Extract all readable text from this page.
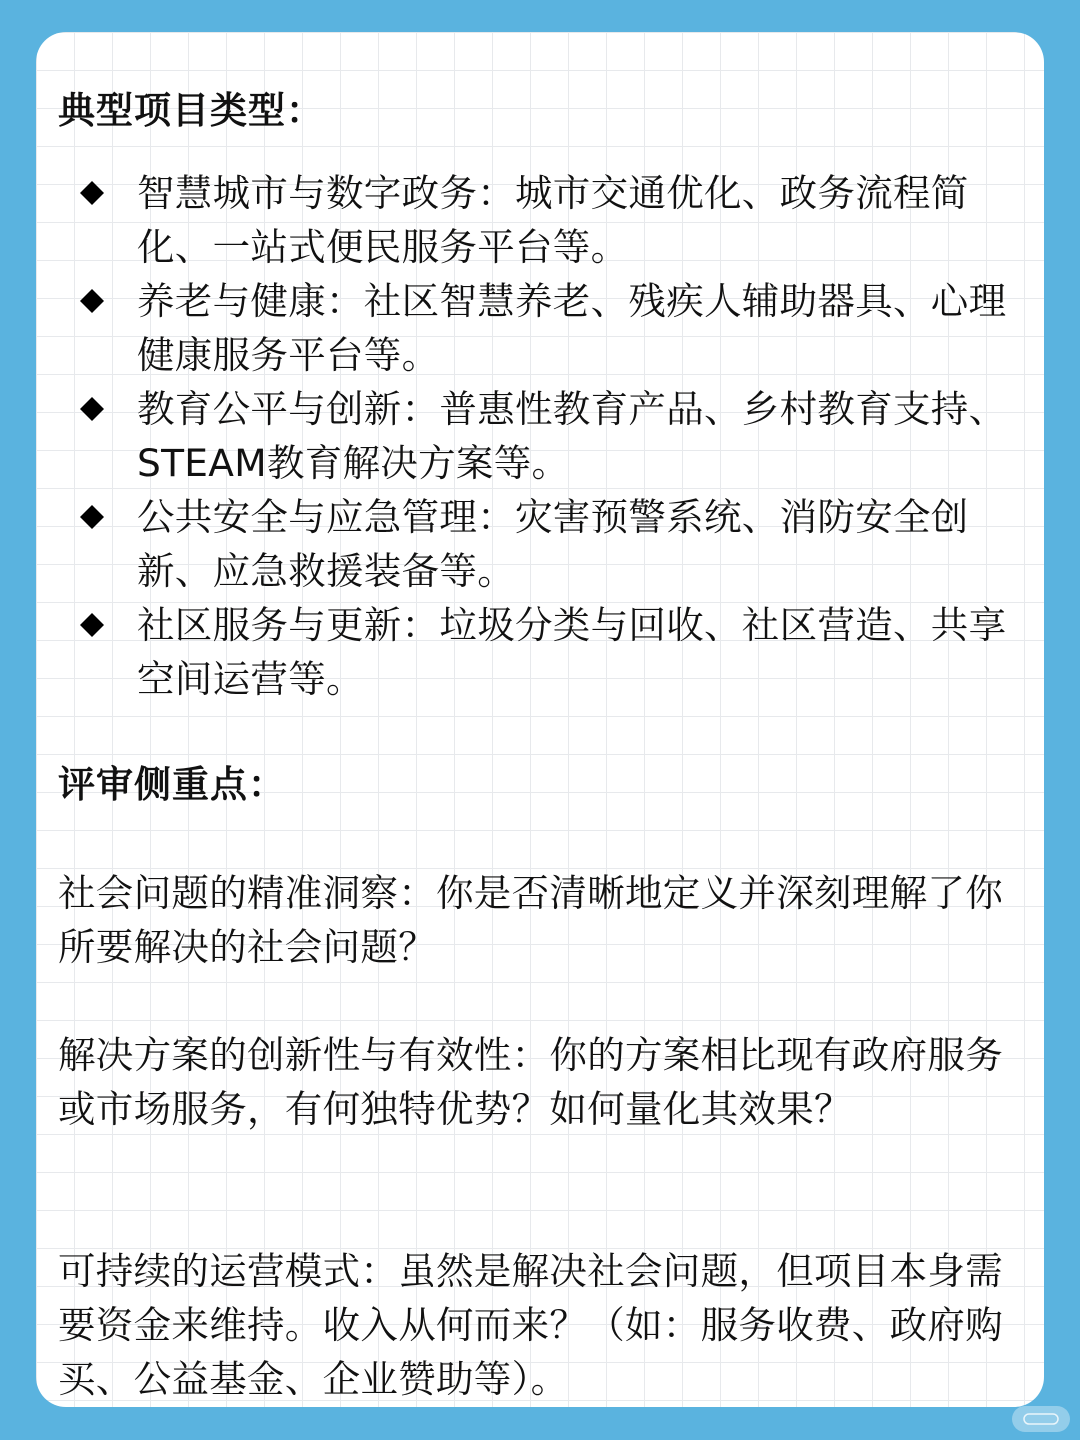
典型项目类型：
智慧城市与数字政务：城市交通优化、政务流程简化、一站式便民服务平台等。
养老与健康：社区智慧养老、残疾人辅助器具、心理健康服务平台等。
教育公平与创新：普惠性教育产品、乡村教育支持、STEAM教育解决方案等。
公共安全与应急管理：灾害预警系统、消防安全创新、应急救援装备等。
社区服务与更新：垃圾分类与回收、社区营造、共享空间运营等。
评审侧重点：

社会问题的精准洞察：你是否清晰地定义并深刻理解了你所要解决的社会问题？

解决方案的创新性与有效性：你的方案相比现有政府服务或市场服务，有何独特优势？如何量化其效果？

可持续的运营模式：虽然是解决社会问题，但项目本身需要资金来维持。收入从何而来？（如：服务收费、政府购买、公益基金、企业赞助等）。
